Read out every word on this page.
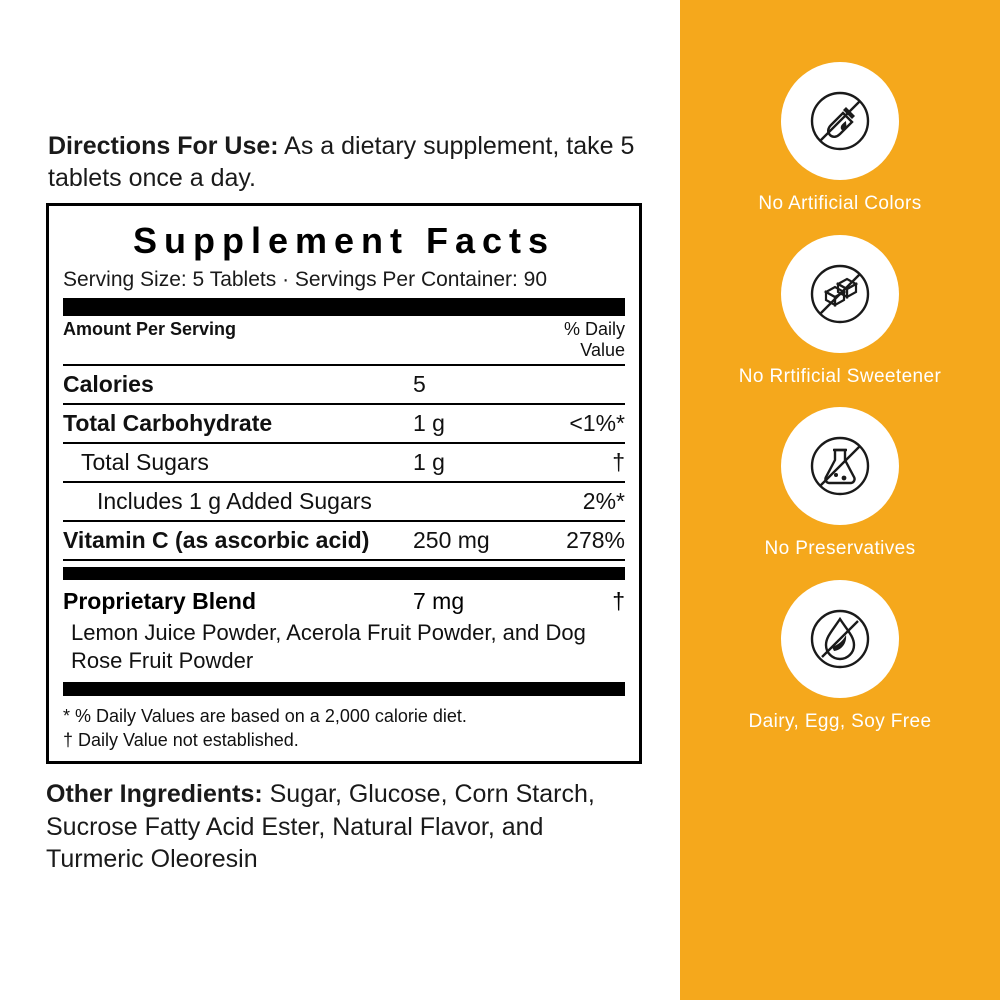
Directions For Use: As a dietary supplement, take 5 tablets once a day.
Supplement Facts
Serving Size: 5 Tablets · Servings Per Container: 90
Amount Per Serving	% Daily Value
Calories	5
Total Carbohydrate	1 g	<1%*
Total Sugars	1 g	†
Includes 1 g Added Sugars	2%*
Vitamin C (as ascorbic acid)	250 mg	278%
Proprietary Blend	7 mg	†
Lemon Juice Powder, Acerola Fruit Powder, and Dog Rose Fruit Powder
* % Daily Values are based on a 2,000 calorie diet.
† Daily Value not established.
Other Ingredients: Sugar, Glucose, Corn Starch, Sucrose Fatty Acid Ester, Natural Flavor, and Turmeric Oleoresin
No Artificial Colors
No Rrtificial Sweetener
No Preservatives
Dairy, Egg, Soy Free
